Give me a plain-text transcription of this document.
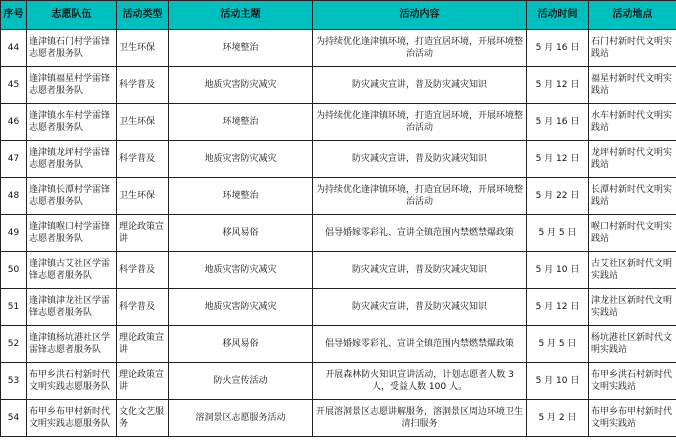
序号	志愿队伍	活动类型	活动主题	活动内容	活动时间	活动地点
44	逢津镇石门村学雷锋志愿者服务队	卫生环保	环境整治	为持续优化逢津镇环境，打造宜居环境，开展环境整治活动	5 月 16 日	石门村新时代文明实践站
45	逢津镇福星村学雷锋志愿者服务队	科学普及	地质灾害防灾减灾	防灾减灾宣讲，普及防灾减灾知识	5 月 12 日	福星村新时代文明实践站
46	逢津镇水车村学雷锋志愿者服务队	卫生环保	环境整治	为持续优化逢津镇环境，打造宜居环境，开展环境整治活动	5 月 16 日	水车村新时代文明实践站
47	逢津镇龙坪村学雷锋志愿者服务队	科学普及	地质灾害防灾减灾	防灾减灾宣讲，普及防灾减灾知识	5 月 12 日	龙坪村新时代文明实践站
48	逢津镇长潭村学雷锋志愿者服务队	卫生环保	环境整治	为持续优化逢津镇环境，打造宜居环境，开展环境整治活动	5 月 22 日	长潭村新时代文明实践站
49	逢津镇喉口村学雷锋志愿者服务队	理论政策宣讲	移风易俗	倡导婚嫁零彩礼、宣讲全镇范围内禁燃禁爆政策	5 月 5 日	喉口村新时代文明实践站
50	逢津镇古艾社区学雷锋志愿者服务队	科学普及	地质灾害防灾减灾	防灾减灾宣讲，普及防灾减灾知识	5 月 10 日	古艾社区新时代文明实践站
51	逢津镇津龙社区学雷锋志愿者服务队	科学普及	地质灾害防灾减灾	防灾减灾宣讲，普及防灾减灾知识	5 月 12 日	津龙社区新时代文明实践站
52	逢津镇杨坑港社区学雷锋志愿者服务队	理论政策宣讲	移风易俗	倡导婚嫁零彩礼、宣讲全镇范围内禁燃禁爆政策	5 月 5 日	杨坑港社区新时代文明实践站
53	布甲乡洪石村新时代文明实践志愿服务队	理论政策宣讲	防火宣传活动	开展森林防火知识宣讲活动，计划志愿者人数 3 人，受益人数 100 人。	5 月 10 日	布甲乡洪石村新时代文明实践站
54	布甲乡布甲村新时代文明实践志愿服务队	文化文艺服务	溶洞景区志愿服务活动	开展溶洞景区志愿讲解服务，溶洞景区周边环境卫生清扫服务	5 月 2 日	布甲乡布甲村新时代文明实践站
